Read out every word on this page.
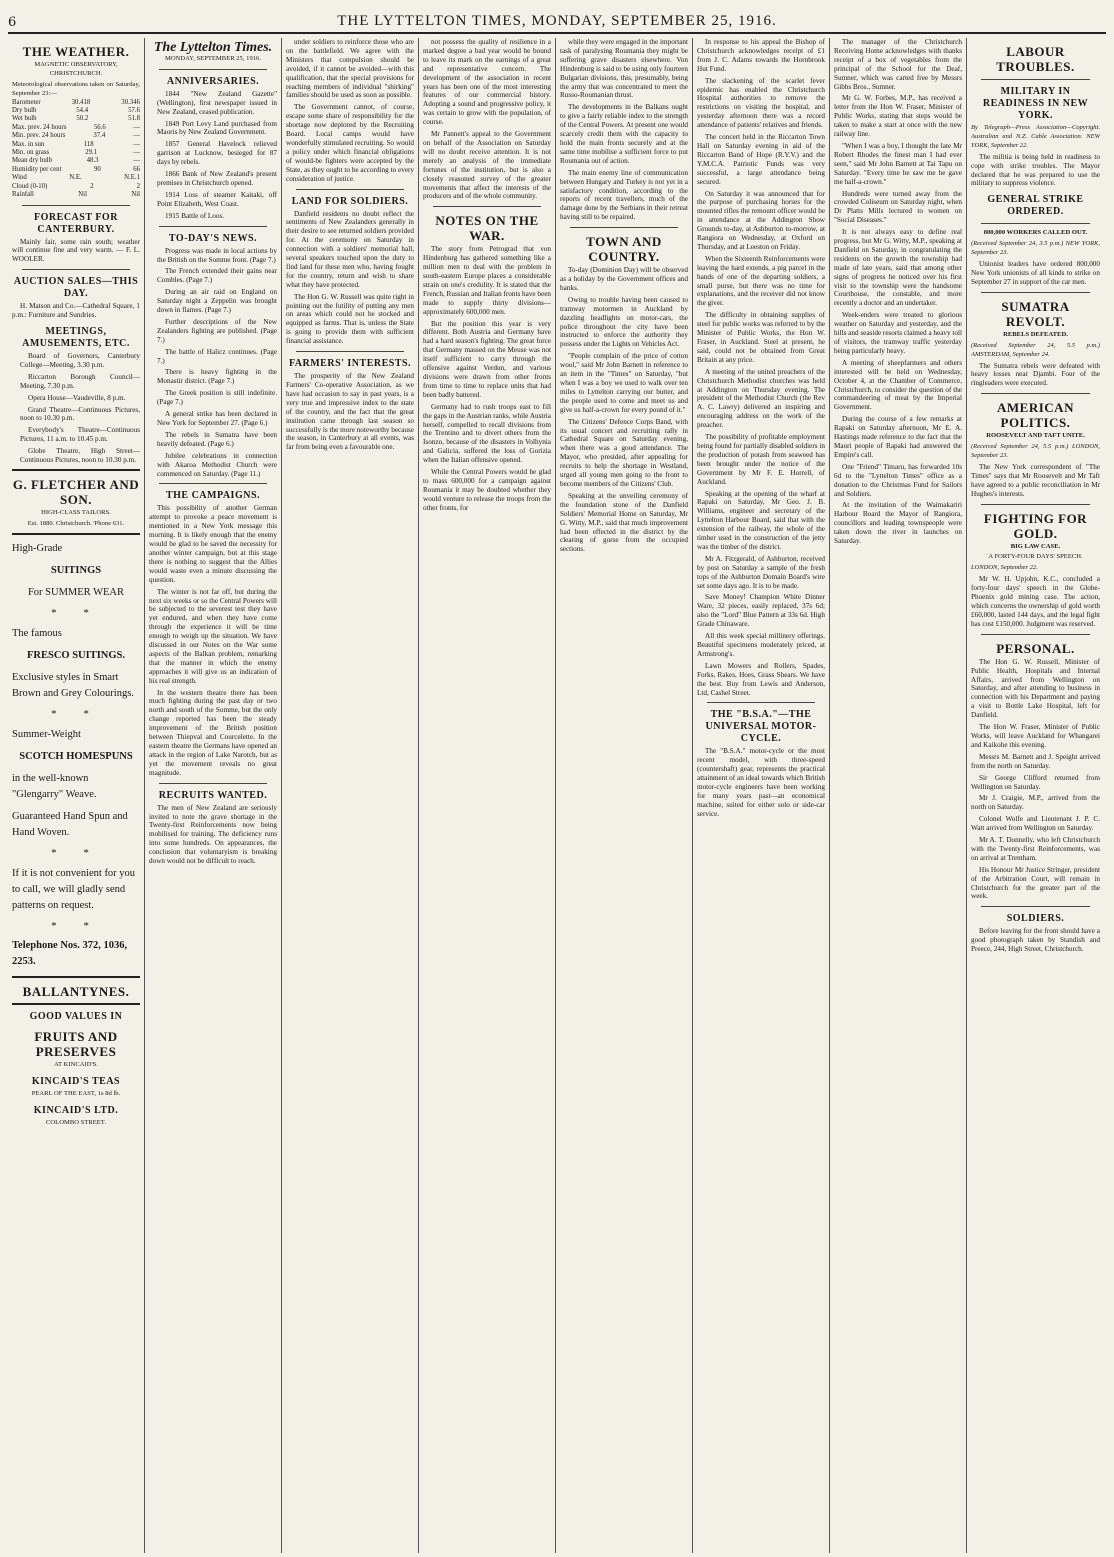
6	THE LYTTELTON TIMES, MONDAY, SEPTEMBER 25, 1916.
THE WEATHER.
MAGNETIC OBSERVATORY, CHRISTCHURCH.
Meteorological observations taken on Saturday, September 23:—
Barometer	30.418	30.346
Dry bulb	54.4	57.6
Wet bulb	50.2	51.8
Max. prev. 24 hours	56.6	—
Min. prev. 24 hours	37.4	—
Max. in sun	118	—
Min. on grass	29.1	—
Mean dry bulb	48.3	—
Humidity per cent	90	66
Wind	N.E.	N.E.1
Cloud (0-10)	2	2
Rainfall	Nil	Nil
FORECAST FOR CANTERBURY.

Mainly fair, some rain south; weather will continue fine and very warm. — F. L. WOOLER.

AUCTION SALES—THIS DAY.

H. Matson and Co.—Cathedral Square, 1 p.m.: Furniture and Sundries.

MEETINGS, AMUSEMENTS, ETC.

Board of Governors, Canterbury College—Meeting, 3.30 p.m.

Riccarton Borough Council—Meeting, 7.30 p.m.

Opera House—Vaudeville, 8 p.m.

Grand Theatre—Continuous Pictures, noon to 10.30 p.m.

Everybody's Theatre—Continuous Pictures, 11 a.m. to 10.45 p.m.

Globe Theatre, High Street—Continuous Pictures, noon to 10.30 p.m.

G. FLETCHER AND SON.
HIGH-CLASS TAILORS.
Est. 1880. Christchurch. 'Phone 631.
High-Grade
SUITINGS
For SUMMER WEAR
* *
The famous
FRESCO SUITINGS.
Exclusive styles in Smart Brown and Grey Colourings.
* *
Summer-Weight
SCOTCH HOMESPUNS
in the well-known "Glengarry" Weave.
Guaranteed Hand Spun and Hand Woven.
* *
If it is not convenient for you to call, we will gladly send patterns on request.
* *
Telephone Nos. 372, 1036, 2253.
BALLANTYNES.
GOOD VALUES IN
FRUITS AND PRESERVES
AT KINCAID'S.
KINCAID'S TEAS
PEARL OF THE EAST, 1s 8d lb.
KINCAID'S LTD.
COLOMBO STREET.
The Lyttelton Times.
MONDAY, SEPTEMBER 25, 1916.
ANNIVERSARIES.

1844 "New Zealand Gazette" (Wellington), first newspaper issued in New Zealand, ceased publication.

1849 Port Levy Land purchased from Maoris by New Zealand Government.

1857 General Havelock relieved garrison at Lucknow, besieged for 87 days by rebels.

1866 Bank of New Zealand's present premises in Christchurch opened.

1914 Loss of steamer Kaitaki, off Point Elizabeth, West Coast.

1915 Battle of Loos.

TO-DAY'S NEWS.

Progress was made in local actions by the British on the Somme front. (Page 7.)

The French extended their gains near Combles. (Page 7.)

During an air raid on England on Saturday night a Zeppelin was brought down in flames. (Page 7.)

Further descriptions of the New Zealanders fighting are published. (Page 7.)

The battle of Halicz continues. (Page 7.)

There is heavy fighting in the Monastir district. (Page 7.)

The Greek position is still indefinite. (Page 7.)

A general strike has been declared in New York for September 27. (Page 6.)

The rebels in Sumatra have been heavily defeated. (Page 6.)

Jubilee celebrations in connection with Akaroa Methodist Church were commenced on Saturday. (Page 11.)

THE CAMPAIGNS.

This possibility of another German attempt to provoke a peace movement is mentioned in a New York message this morning. It is likely enough that the enemy would be glad to be saved the necessity for another winter campaign, but at this stage there is nothing to suggest that the Allies would waste even a minute discussing the question.

The winter is not far off, but during the next six weeks or so the Central Powers will be subjected to the severest test they have yet endured, and when they have come through the experience it will be time enough to weigh up the situation. We have discussed in our Notes on the War some aspects of the Balkan problem, remarking that the manner in which the enemy approaches it will give us an indication of his real strength.

In the western theatre there has been much fighting during the past day or two north and south of the Somme, but the only change reported has been the steady improvement of the British position between Thiepval and Courcelette. In the eastern theatre the Germans have opened an attack in the region of Lake Narotch, but as yet the movement reveals no great magnitude.

RECRUITS WANTED.

The men of New Zealand are seriously invited to note the grave shortage in the Twenty-first Reinforcements now being mobilised for training. The deficiency runs into some hundreds. On appearances, the conclusion that voluntaryism is breaking down would not be difficult to reach.

under soldiers to reinforce those who are on the battlefield. We agree with the Ministers that compulsion should be avoided, if it cannot be avoided—with this qualification, that the special provisions for reaching members of individual "shirking" families should be used as soon as possible.

The Government cannot, of course, escape some share of responsibility for the shortage now deplored by the Recruiting Board. Local camps would have wonderfully stimulated recruiting. So would a policy under which financial obligations of would-be fighters were accepted by the State, as they ought to be according to every consideration of justice.

LAND FOR SOLDIERS.

Danfield residents no doubt reflect the sentiments of New Zealanders generally in their desire to see returned soldiers provided for. At the ceremony on Saturday in connection with a soldiers' memorial hall, several speakers touched upon the duty to find land for these men who, having fought for the country, return and wish to share what they have protected.

The Hon G. W. Russell was quite right in pointing out the futility of putting any men on areas which could not be stocked and equipped as farms. That is, unless the State is going to provide them with sufficient financial assistance.

FARMERS' INTERESTS.

The prosperity of the New Zealand Farmers' Co-operative Association, as we have had occasion to say in past years, is a very true and impressive index to the state of the country, and the fact that the great institution came through last season so successfully is the more noteworthy because the season, in Canterbury at all events, was far from being even a favourable one.

not possess the quality of resilience in a marked degree a bad year would be bound to leave its mark on the earnings of a great and representative concern. The development of the association in recent years has been one of the most interesting features of our commercial history. Adopting a sound and progressive policy, it was certain to grow with the population, of course.

Mr Pannett's appeal to the Government on behalf of the Association on Saturday will no doubt receive attention. It is not merely an analysis of the immediate fortunes of the institution, but is also a closely reasoned survey of the greater movements that affect the interests of the producers and of the whole community.

NOTES ON THE WAR.

The story from Petrograd that von Hindenburg has gathered something like a million men to deal with the problem in south-eastern Europe places a considerable strain on one's credulity. It is stated that the French, Russian and Italian fronts have been made to supply thirty divisions—approximately 600,000 men.

But the position this year is very different. Both Austria and Germany have had a hard season's fighting. The great force that Germany massed on the Meuse was not itself sufficient to carry through the offensive against Verdun, and various divisions were drawn from other fronts from time to time to replace units that had been badly battered.

Germany had to rush troops east to fill the gaps in the Austrian ranks, while Austria herself, compelled to recall divisions from the Trentino and to divert others from the Isonzo, because of the disasters in Volhynia and Galicia, suffered the loss of Gorizia when the Italian offensive opened.

While the Central Powers would be glad to mass 600,000 for a campaign against Roumania it may be doubted whether they would venture to release the troops from the other fronts, for

while they were engaged in the important task of paralysing Roumania they might be suffering grave disasters elsewhere. Von Hindenburg is said to be using only fourteen Bulgarian divisions, this, presumably, being the army that was concentrated to meet the Russo-Roumanian thrust.

The developments in the Balkans ought to give a fairly reliable index to the strength of the Central Powers. At present one would scarcely credit them with the capacity to hold the main fronts securely and at the same time mobilise a sufficient force to put Roumania out of action.

The main enemy line of communication between Hungary and Turkey is not yet in a satisfactory condition, according to the reports of recent travellers, much of the damage done by the Serbians in their retreat having still to be repaired.

TOWN AND COUNTRY.

To-day (Dominion Day) will be observed as a holiday by the Government offices and banks.

Owing to trouble having been caused to tramway motormen in Auckland by dazzling headlights on motor-cars, the police throughout the city have been instructed to enforce the authority they possess under the Lights on Vehicles Act.

"People complain of the price of cotton wool," said Mr John Barnett in reference to an item in the "Times" on Saturday, "but when I was a boy we used to walk over ten miles to Lyttelton carrying our butter, and the people used to come and meet us and give us half-a-crown for every pound of it."

The Citizens' Defence Corps Band, with its usual concert and recruiting rally in Cathedral Square on Saturday evening, when there was a good attendance. The Mayor, who presided, after appealing for recruits to help the shortage in Westland, urged all young men going to the front to become members of the Citizens' Club.

Speaking at the unveiling ceremony of the foundation stone of the Danfield Soldiers' Memorial Home on Saturday, Mr G. Witty, M.P., said that much improvement had been effected in the district by the clearing of gorse from the occupied sections.

In response to his appeal the Bishop of Christchurch acknowledges receipt of £1 from J. C. Adams towards the Hornbrook Hut Fund.

The slackening of the scarlet fever epidemic has enabled the Christchurch Hospital authorities to remove the restrictions on visiting the hospital, and yesterday afternoon there was a record attendance of patients' relatives and friends.

The concert held in the Riccarton Town Hall on Saturday evening in aid of the Riccarton Band of Hope (R.Y.V.) and the Y.M.C.A. Patriotic Funds was very successful, a large attendance being secured.

On Saturday it was announced that for the purpose of purchasing horses for the mounted rifles the remount officer would be in attendance at the Addington Show Grounds to-day, at Ashburton to-morrow, at Rangiora on Wednesday, at Oxford on Thursday, and at Leeston on Friday.

When the Sixteenth Reinforcements were leaving the hard extends, a pig parcel in the hands of one of the departing soldiers, a small purse, but there was no time for explanations, and the receiver did not know the giver.

The difficulty in obtaining supplies of steel for public works was referred to by the Minister of Public Works, the Hon W. Fraser, in Auckland. Steel at present, he said, could not be obtained from Great Britain at any price.

A meeting of the united preachers of the Christchurch Methodist churches was held at Addington on Thursday evening. The president of the Methodist Church (the Rev A. C. Lawry) delivered an inspiring and encouraging address on the work of the preacher.

The possibility of profitable employment being found for partially disabled soldiers in the production of potash from seaweed has been brought under the notice of the Government by Mr F. E. Horrell, of Auckland.

Speaking at the opening of the wharf at Rapaki on Saturday, Mr Geo. J. B. Williams, engineer and secretary of the Lyttelton Harbour Board, said that with the extension of the railway, the whole of the timber used in the construction of the jetty was the timber of the district.

Mr A. Fitzgerald, of Ashburton, received by post on Saturday a sample of the fresh tops of the Ashburton Domain Board's wire set some days ago. It is to be made.

Save Money! Champion White Dinner Ware, 32 pieces, easily replaced, 37s 6d; also the "Lord" Blue Pattern at 33s 6d. High Grade Chinaware.

All this week special millinery offerings. Beautiful specimens moderately priced, at Armstrong's.

Lawn Mowers and Rollers, Spades, Forks, Rakes, Hoes, Grass Shears. We have the best. Buy from Lewis and Anderson, Ltd, Cashel Street.

THE "B.S.A."—THE UNIVERSAL MOTOR-CYCLE.

The "B.S.A." motor-cycle or the most recent model, with three-speed (countershaft) gear, represents the practical attainment of an ideal towards which British motor-cycle engineers have been working for many years past—an economical machine, suited for either solo or side-car service.

The manager of the Christchurch Receiving Home acknowledges with thanks receipt of a box of vegetables from the principal of the School for the Deaf, Sumner, which was carted free by Messrs Gibbs Bros., Sumner.

Mr G. W. Forbes, M.P., has received a letter from the Hon W. Fraser, Minister of Public Works, stating that steps would be taken to make a start at once with the new railway line.

"When I was a boy, I thought the late Mr Robert Rhodes the finest man I had ever seen," said Mr John Barnett at Tai Tapu on Saturday. "Every time he saw me he gave me half-a-crown."

Hundreds were turned away from the crowded Coliseum on Saturday night, when Dr Platts Mills lectured to women on "Social Diseases."

It is not always easy to define real progress, but Mr G. Witty, M.P., speaking at Danfield on Saturday, in congratulating the residents on the growth the township had made of late years, said that among other signs of progress he noticed over his first visit to the township were the handsome Courthouse, the constable, and more recently a doctor and an undertaker.

Week-enders were treated to glorious weather on Saturday and yesterday, and the hills and seaside resorts claimed a heavy toll of visitors, the tramway traffic yesterday being particularly heavy.

A meeting of sheepfarmers and others interested will be held on Wednesday, October 4, at the Chamber of Commerce, Christchurch, to consider the question of the commandeering of meat by the Imperial Government.

During the course of a few remarks at Rapaki on Saturday afternoon, Mr E. A. Hastings made reference to the fact that the Maori people of Rapaki had answered the Empire's call.

One "Friend" Timaru, has forwarded 10s 6d to the "Lyttelton Times" office as a donation to the Christmas Fund for Sailors and Soldiers.

At the invitation of the Waimakariri Harbour Board the Mayor of Rangiora, councillors and leading townspeople were taken down the river in launches on Saturday.

LABOUR TROUBLES.
MILITARY IN READINESS IN NEW YORK.
By Telegraph—Press Association—Copyright. Australian and N.Z. Cable Association. NEW YORK, September 22.

The militia is being held in readiness to cope with strike troubles. The Mayor declared that he was prepared to use the military to suppress violence.

GENERAL STRIKE ORDERED.
800,000 WORKERS CALLED OUT.
(Received September 24, 3.5 p.m.) NEW YORK, September 23.

Unionist leaders have ordered 800,000 New York unionists of all kinds to strike on September 27 in support of the car men.

SUMATRA REVOLT.
REBELS DEFEATED.
(Received September 24, 5.5 p.m.) AMSTERDAM, September 24.

The Sumatra rebels were defeated with heavy losses near Djambi. Four of the ringleaders were executed.

AMERICAN POLITICS.
ROOSEVELT AND TAFT UNITE.
(Received September 24, 5.5 p.m.) LONDON, September 23.

The New York correspondent of "The Times" says that Mr Roosevelt and Mr Taft have agreed to a public reconciliation in Mr Hughes's interests.

FIGHTING FOR GOLD.
BIG LAW CASE.
A FORTY-FOUR DAYS' SPEECH.
LONDON, September 22.

Mr W. H. Upjohn, K.C., concluded a forty-four days' speech in the Globe-Phoenix gold mining case. The action, which concerns the ownership of gold worth £60,000, lasted 144 days, and the legal fight has cost £150,000. Judgment was reserved.

PERSONAL.

The Hon G. W. Russell, Minister of Public Health, Hospitals and Internal Affairs, arrived from Wellington on Saturday, and after attending to business in connection with his Department and paying a visit to Bottle Lake Hospital, left for Danfield.

The Hon W. Fraser, Minister of Public Works, will leave Auckland for Whangarei and Kaikohe this evening.

Messrs M. Barnett and J. Speight arrived from the north on Saturday.

Sir George Clifford returned from Wellington on Saturday.

Mr J. Craigie, M.P., arrived from the north on Saturday.

Colonel Wolfe and Lieutenant J. P. C. Watt arrived from Wellington on Saturday.

Mr A. T. Donnelly, who left Christchurch with the Twenty-first Reinforcements, was on arrival at Trentham.

His Honour Mr Justice Stringer, president of the Arbitration Court, will remain in Christchurch for the greater part of the week.

SOLDIERS.

Before leaving for the front should have a good photograph taken by Standish and Preece, 244, High Street, Christchurch.
